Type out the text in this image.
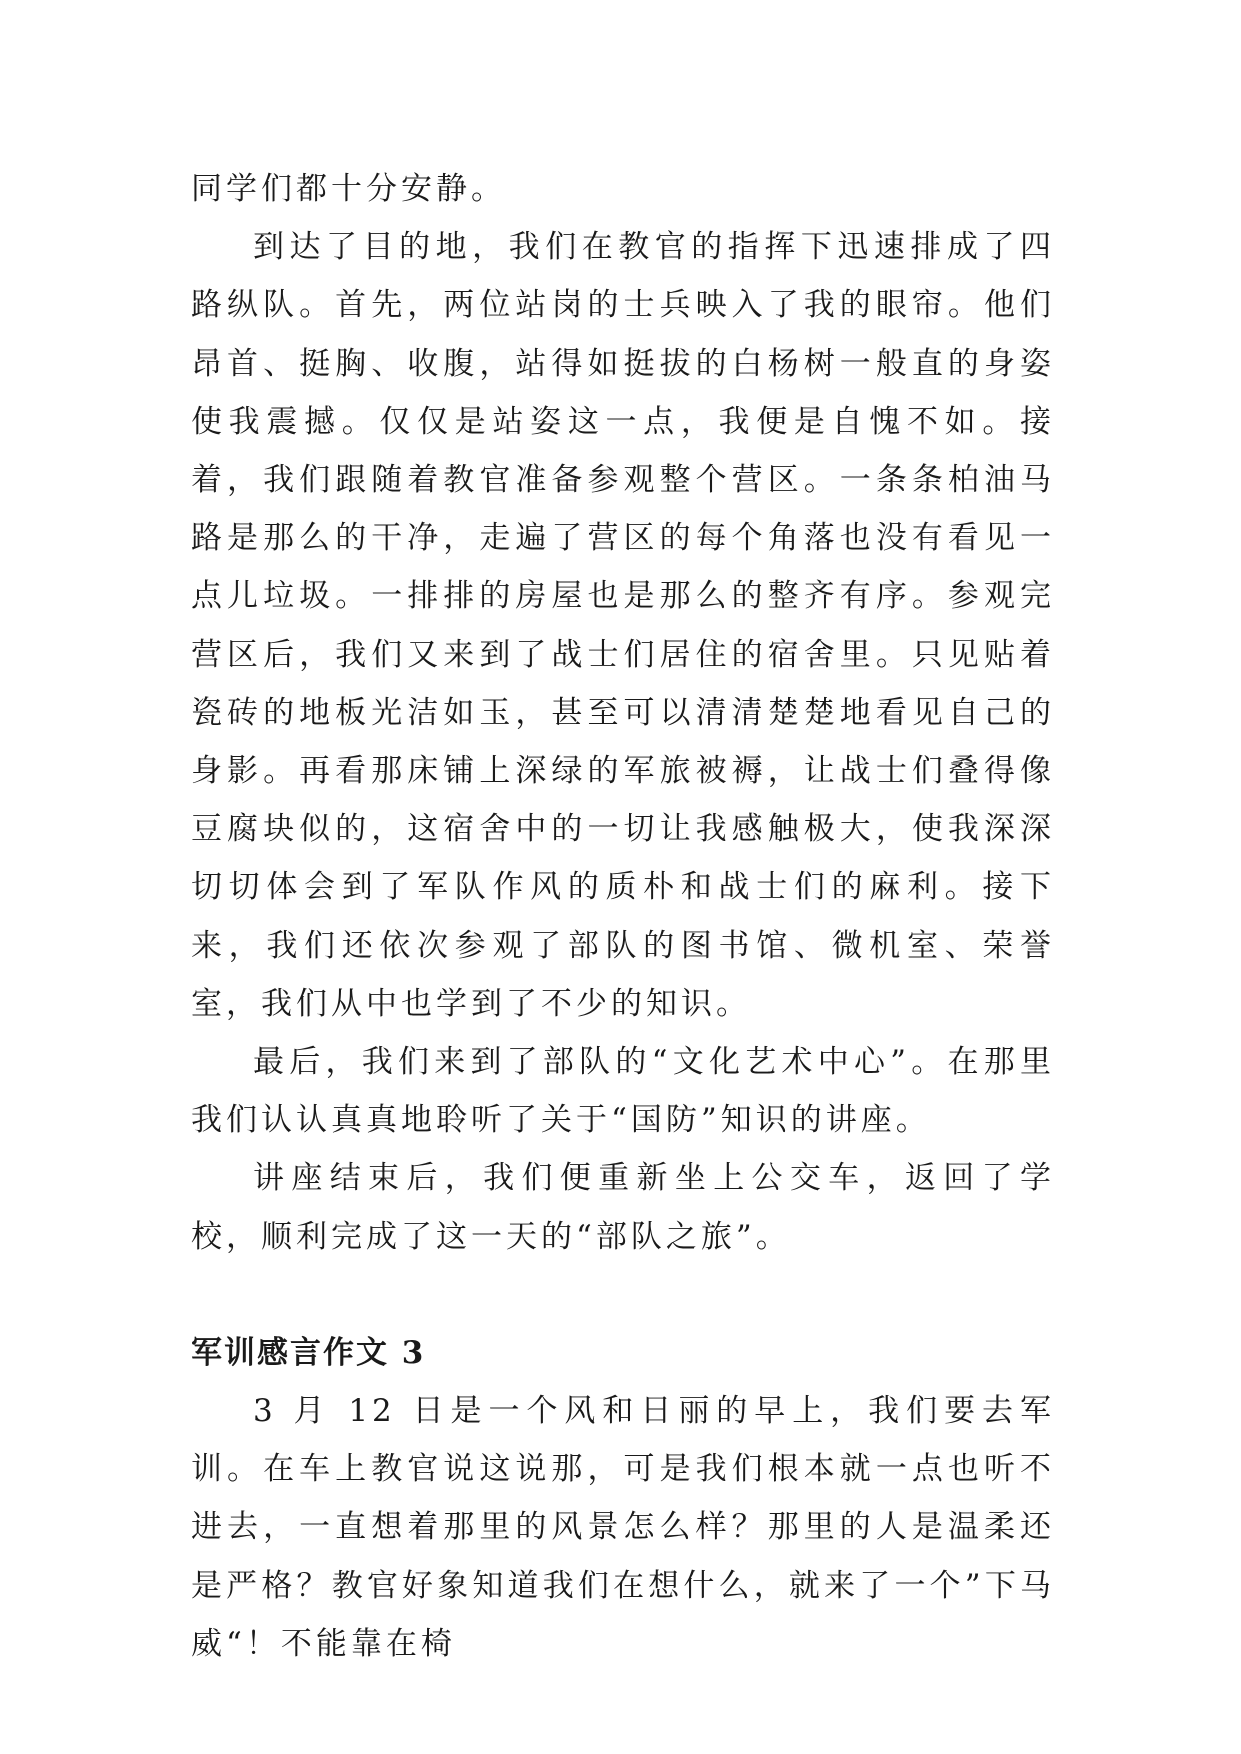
同学们都十分安静。

到达了目的地，我们在教官的指挥下迅速排成了四路纵队。首先，两位站岗的士兵映入了我的眼帘。他们昂首、挺胸、收腹，站得如挺拔的白杨树一般直的身姿使我震撼。仅仅是站姿这一点，我便是自愧不如。接着，我们跟随着教官准备参观整个营区。一条条柏油马路是那么的干净，走遍了营区的每个角落也没有看见一点儿垃圾。一排排的房屋也是那么的整齐有序。参观完营区后，我们又来到了战士们居住的宿舍里。只见贴着瓷砖的地板光洁如玉，甚至可以清清楚楚地看见自己的身影。再看那床铺上深绿的军旅被褥，让战士们叠得像豆腐块似的，这宿舍中的一切让我感触极大，使我深深切切体会到了军队作风的质朴和战士们的麻利。接下来，我们还依次参观了部队的图书馆、微机室、荣誉室，我们从中也学到了不少的知识。

最后，我们来到了部队的“文化艺术中心”。在那里我们认认真真地聆听了关于“国防”知识的讲座。

讲座结束后，我们便重新坐上公交车，返回了学校，顺利完成了这一天的“部队之旅”。

军训感言作文 3

3 月 12 日是一个风和日丽的早上，我们要去军训。在车上教官说这说那，可是我们根本就一点也听不进去，一直想着那里的风景怎么样？那里的人是温柔还是严格？教官好象知道我们在想什么，就来了一个”下马威“！不能靠在椅
